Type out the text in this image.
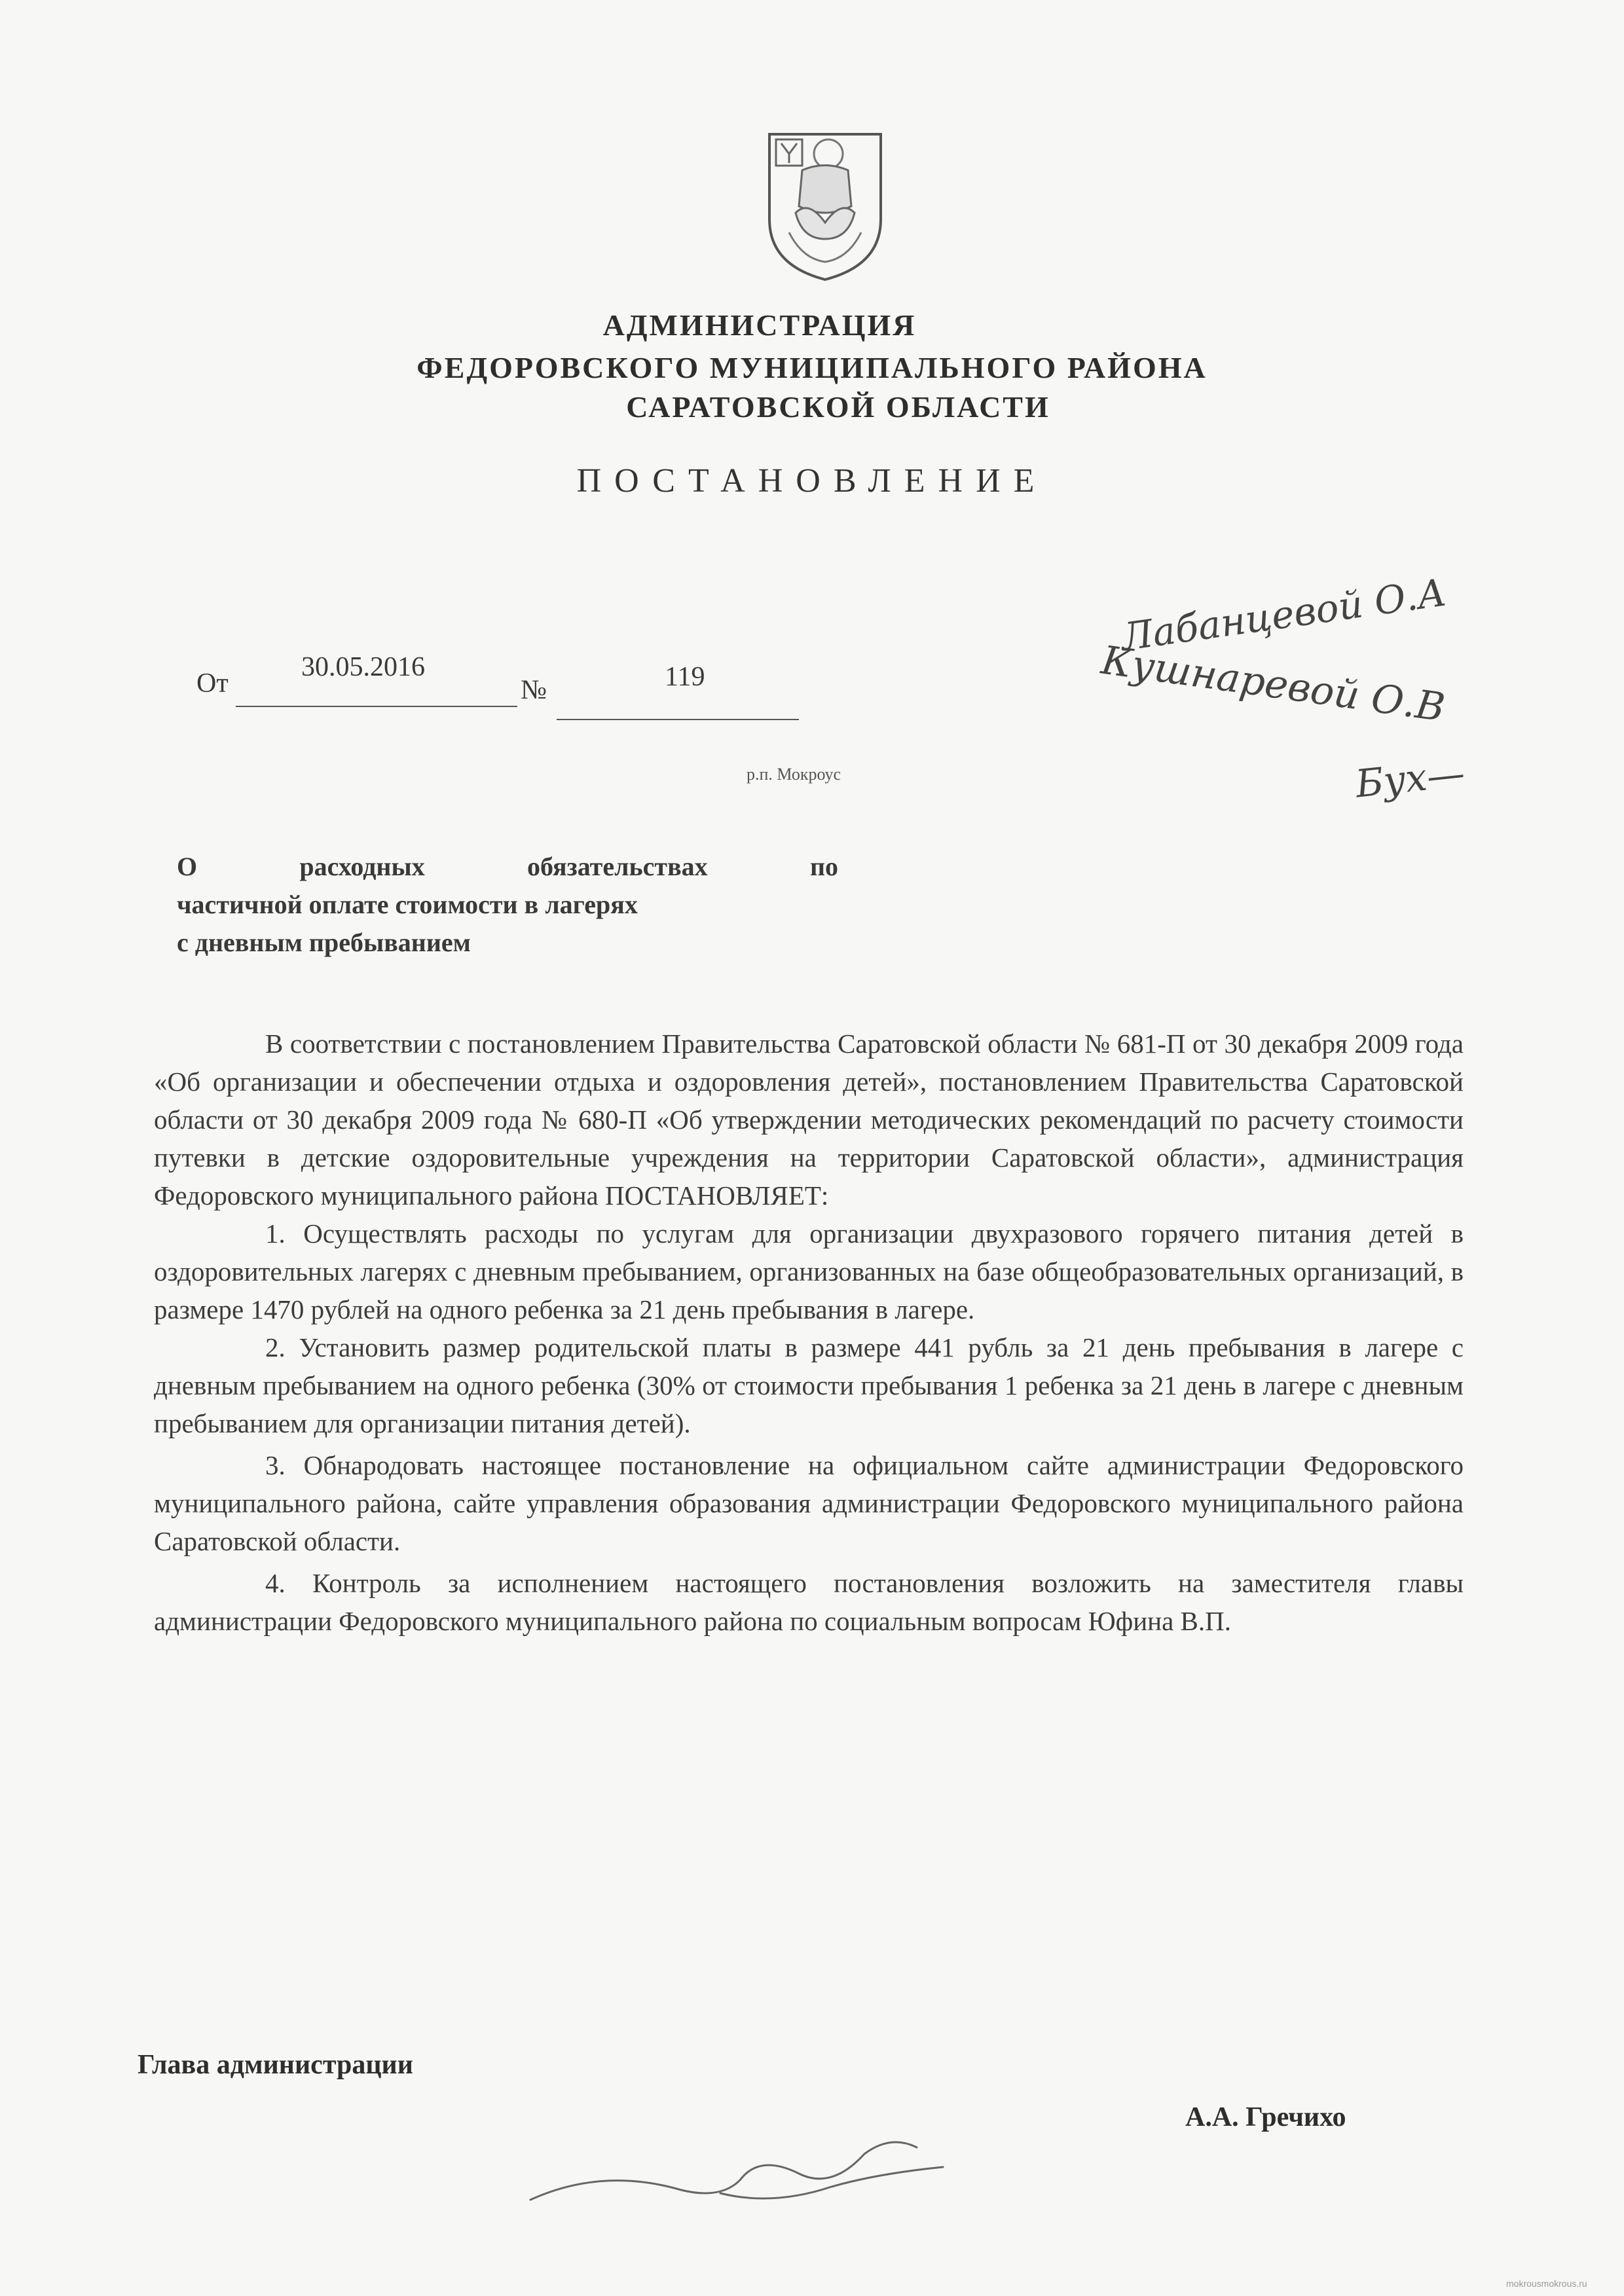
АДМИНИСТРАЦИЯ
ФЕДОРОВСКОГО МУНИЦИПАЛЬНОГО РАЙОНА
САРАТОВСКОЙ ОБЛАСТИ
ПОСТАНОВЛЕНИЕ
От
30.05.2016
№	119
р.п. Мокроус
Лабанцевой О.А
Кушнаревой О.В
Бух—
О расходных обязательствах по
частичной оплате стоимости в лагерях
с дневным пребыванием

В соответствии с постановлением Правительства Саратовской области № 681-П от 30 декабря 2009 года «Об организации и обеспечении отдыха и оздоровления детей», постановлением Правительства Саратовской области от 30 декабря 2009 года № 680-П «Об утверждении методических рекомендаций по расчету стоимости путевки в детские оздоровительные учреждения на территории Саратовской области», администрация Федоровского муниципального района ПОСТАНОВЛЯЕТ:

1. Осуществлять расходы по услугам для организации двухразового горячего питания детей в оздоровительных лагерях с дневным пребыванием, организованных на базе общеобразовательных организаций, в размере 1470 рублей на одного ребенка за 21 день пребывания в лагере.

2. Установить размер родительской платы в размере 441 рубль за 21 день пребывания в лагере с дневным пребыванием на одного ребенка (30% от стоимости пребывания 1 ребенка за 21 день в лагере с дневным пребыванием для организации питания детей).

3. Обнародовать настоящее постановление на официальном сайте администрации Федоровского муниципального района, сайте управления образования администрации Федоровского муниципального района Саратовской области.

4. Контроль за исполнением настоящего постановления возложить на заместителя главы администрации Федоровского муниципального района по социальным вопросам Юфина В.П.

Глава администрации
А.А. Гречихо
mokrousmokrous.ru
